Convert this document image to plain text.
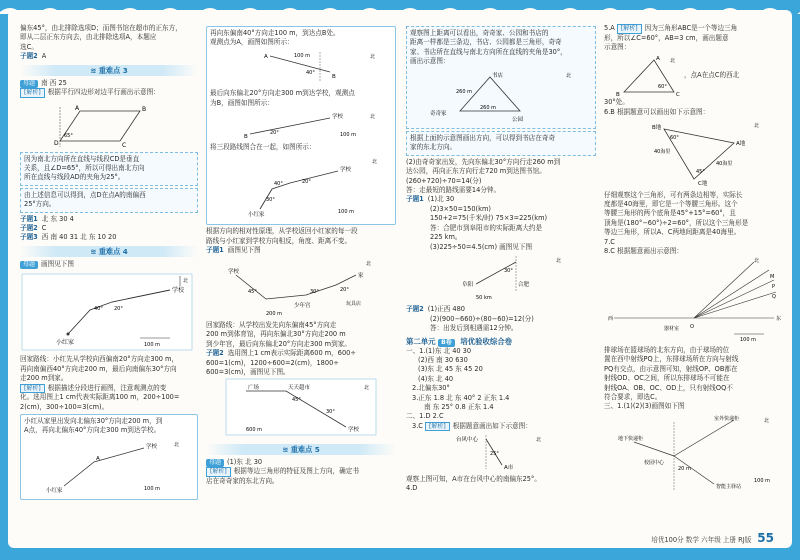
偏东45°，由北排除选项D；而图书馆在超市的正东方，
即从二层正东方向去，由北排除选项A，本题应
选C。
子题2 A
≋ 重难点 3
母题 南 西 25
[解析] 根据平行四边形对边平行画出示意图：
A	B
D	C
65°
因为南北方向所在直线与线段CD是垂直
关系，且∠D=65°，所以可得出南北方向
所在直线与线段AD的夹角为25°。
由上述信息可以得到，点D在点A的南偏西
25°方向。
子题1 北 东 30 4
子题2 C
子题3 西 南 40 31 北 东 10 20
≋ 重难点 4
母题 画图见下图
学校
40° 20°
小红家	100 m
北
回家路线：小红先从学校向西偏南20°方向走300 m，
再向南偏西40°方向走200 m，最后向南偏东30°方向
走200 m到家。
[解析] 根据描述分段进行画图，注意观测点的变
化。选用图上1 cm代表实际距离100 m，200÷100=
2(cm)，300÷100=3(cm)。
小红从家里出发向北偏东30°方向走200 m，到
A点，再向北偏东40°方向走300 m到达学校。
小红家
A
学校
100 m
北
再向东偏南40°方向走100 m，到达点B处。
观测点为A，画图如图所示：
100 m
A
40°
B
北
最后向东偏北20°方向走300 m到达学校，观测点
为B，画图如图所示：
学校
20°
B	100 m
北
将三段路线图合在一起，如图所示：
学校
20°
40°
30°
小红家	100 m
北
根据方向的相对性原理，从学校返回小红家的每一段
路线与小红家到学校方向相反，角度、距离不变。
子题1 画图见下图
北
学校
45°	30°	20°
少年宫
家
玩具店
200 m
回家路线：从学校出发先向东偏南45°方向走
200 m到体育馆，再向东偏北30°方向走200 m
到少年宫，最后向东偏北20°方向走300 m到家。
子题2 选用图上1 cm表示实际距离600 m，600÷
600=1(cm)，1200÷600=2(cm)，1800÷
600=3(cm)，画图见下图。
广场	天天超市	北
600 m	学校
45°
30°
≋ 重难点 5
母题 (1)东 北 30
[解析] 根据等边三角形的特征及图上方向，确定书
店在奇奇家的东北方向。
观察图上距离可以看出，奇奇家、公园和书店的
距离一样都是三条边，书店、公园都是三角形，奇奇
家、书店所在直线与南北方向所在直线的夹角是30°，
画出示意图：
书店
260 m
奇奇家
260 m
公园
北
根据上面的示意图画出方向，可以得到书店在奇奇
家的东北方向。
(2)由奇奇家出发，先向东偏北30°方向行走260 m到
达公园，再向正东方向行走720 m到达图书馆。
(260+720)÷70=14(分)
答：走最短的路线需要14分钟。
子题1 (1)北 30
(2)3×50=150(km)
150+2=75(千米/时) 75×3=225(km)
答：合肥市到阜阳市的实际距离大约是
225 km。
(3)225÷50=4.5(cm) 画图见下图
合肥
阜阳
30°
50 km
北
子题2 (1)正西 480
(2)(900−660)÷(80−60)=12(分)
答：出发后到相遇需12分钟。
第二单元 B卷 培优验收综合卷
一、1.(1)东 北 40 30
(2)西 南 30 630
(3)东 北 45 东 45 20
(4)东 北 40
2.北偏东30°
3.正东 1.8 北 东 40° 2 正东 1.4
南 东 25° 0.8 正东 1.4
二、1.D 2.C
3.C [解析] 根据题意画出如下示意图：
台风中心
A市
北
25°
观察上图可知，A市在台风中心的南偏东25°。
4.D
5.A [解析] 因为三角形ABC是一个等边三角
形，所以∠C=60°，AB=3 cm，画出题意
示意图：
A
B	C
北
60°
，点A在点C的西北
30°处。
6.B 根据题意可以画出如下示意图：
A地
北
40海里
40海里
60°
45°
B地
C地
仔细观察这个三角形，可有两条边相等，实际长
度都是40海里，即它是一个等腰三角形。这个
等腰三角形的两个底角是45°+15°=60°，且
顶角是(180°−60°)÷2=60°，所以这个三角形是
等边三角形，所以A、C两地间距离是40海里。
7.C
8.C 根据题意画出示意图：
北
西	东
器材室 O
M
P
Q
100 m
排球场在篮球场的北东方向，由于球场的位
置在西中射线PQ上，东排球场所在方向与射线
PQ有交点，由示意图可知，射线OP、OB都在
射线OD、OC之间，所以东排球场不可能在
射线OA、OB、OC、OD上，只有射线OQ不
符合要求，即选C。
三、1.(1)(2)(3)画图如下图
室外快递柜	北
地下快递柜
校园中心
20 m
智能主驿站
100 m
培优100分 数学 六年级 上册 RJ版 55
